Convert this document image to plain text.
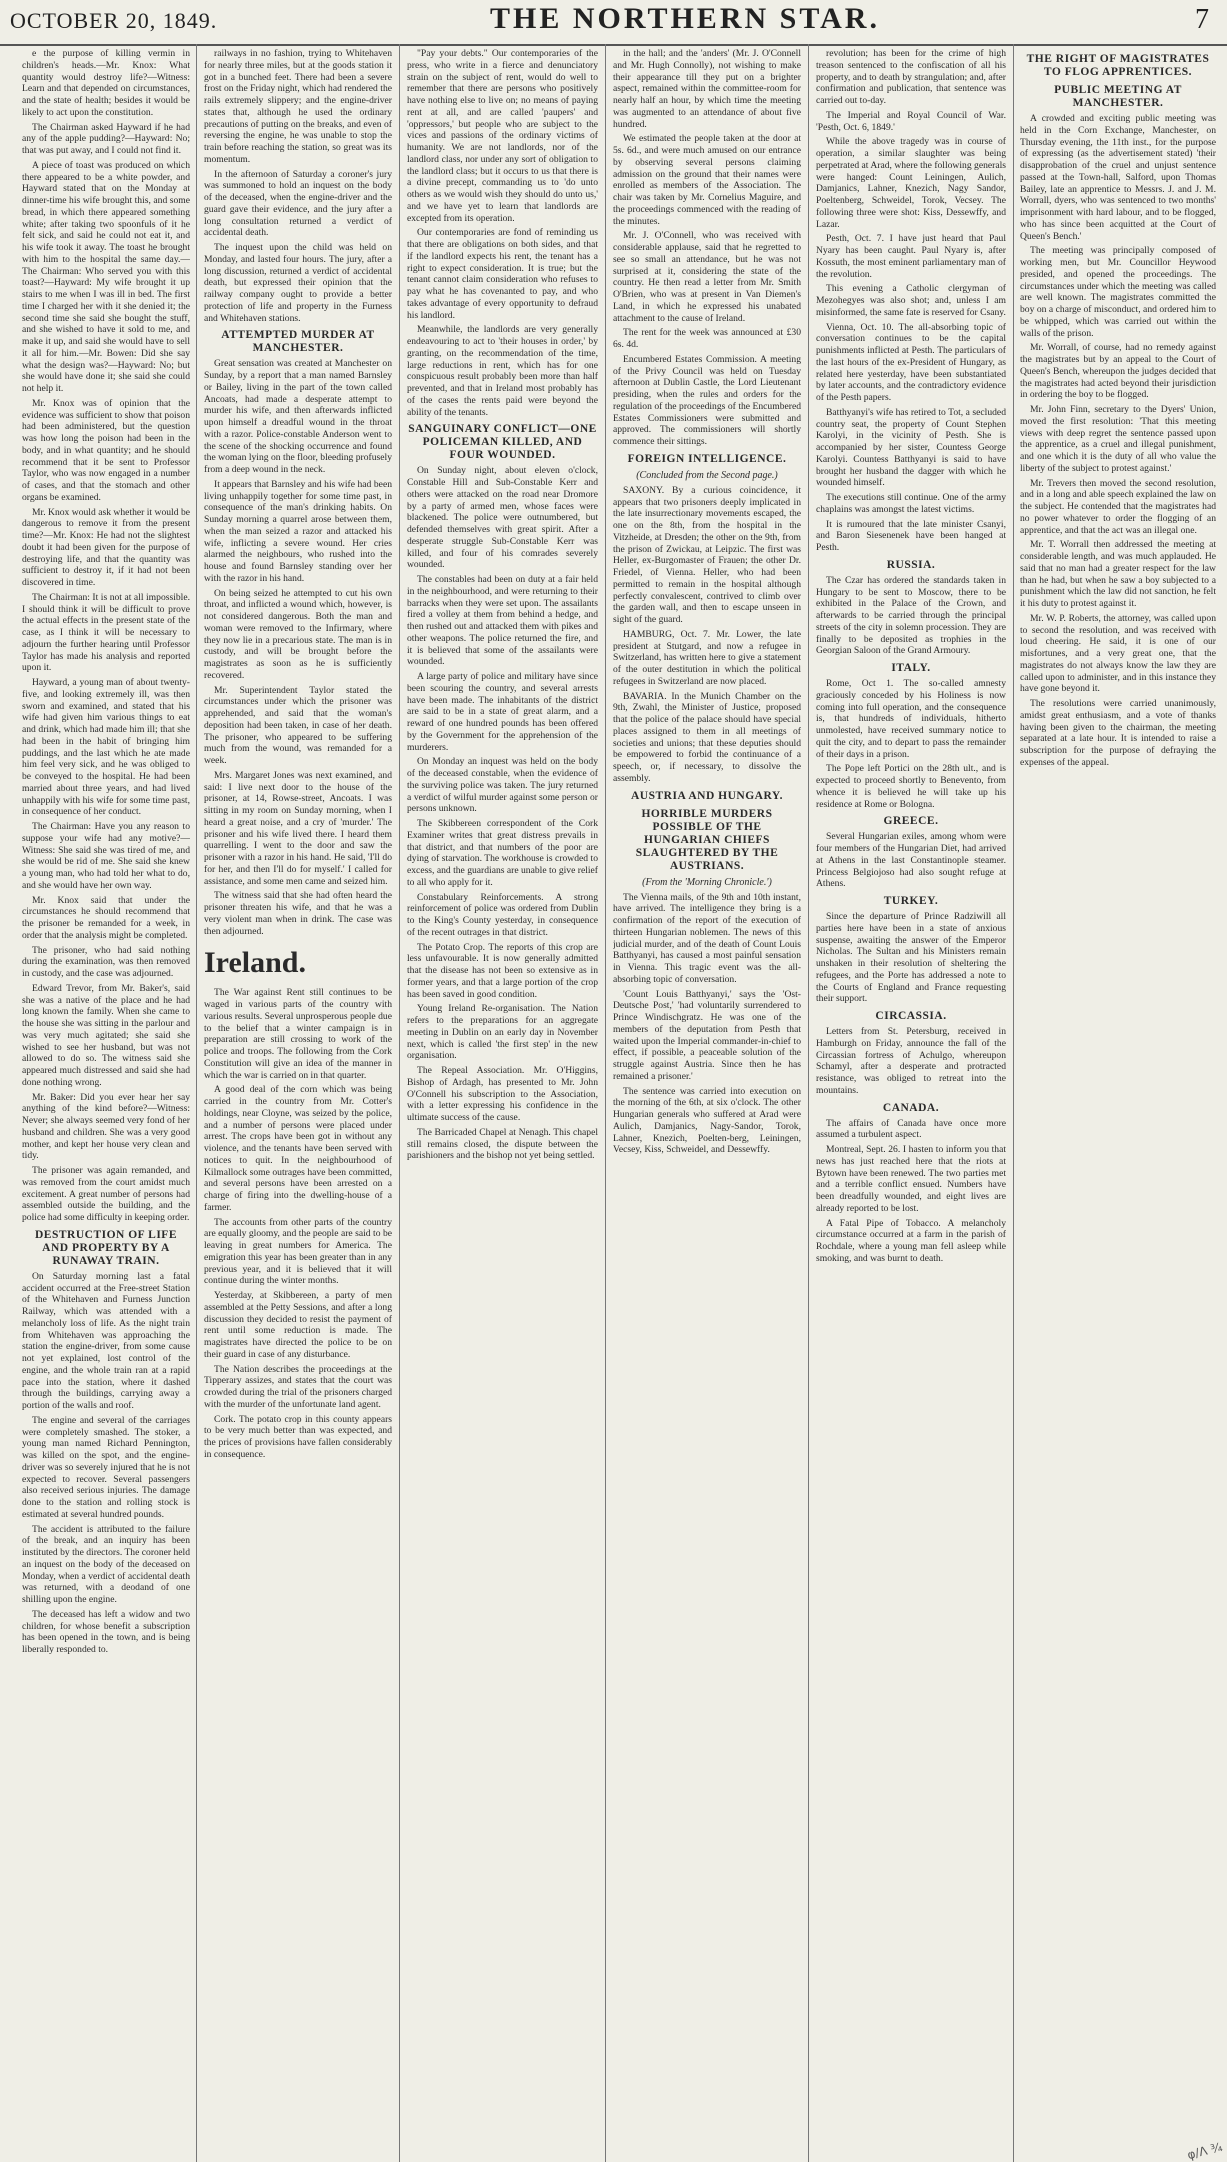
OCTOBER 20, 1849.	THE NORTHERN STAR.	7

e the purpose of killing vermin in children's heads.—Mr. Knox: What quantity would destroy life?—Witness: Learn and that depended on circumstances, and the state of health; besides it would be likely to act upon the constitution.

The Chairman asked Hayward if he had any of the apple pudding?—Hayward: No; that was put away, and I could not find it.

A piece of toast was produced on which there appeared to be a white powder, and Hayward stated that on the Monday at dinner-time his wife brought this, and some bread, in which there appeared something white; after taking two spoonfuls of it he felt sick, and said he could not eat it, and his wife took it away. The toast he brought with him to the hospital the same day.—The Chairman: Who served you with this toast?—Hayward: My wife brought it up stairs to me when I was ill in bed. The first time I charged her with it she denied it; the second time she said she bought the stuff, and she wished to have it sold to me, and make it up, and said she would have to sell it all for him.—Mr. Bowen: Did she say what the design was?—Hayward: No; but she would have done it; she said she could not help it.

Mr. Knox was of opinion that the evidence was sufficient to show that poison had been administered, but the question was how long the poison had been in the body, and in what quantity; and he should recommend that it be sent to Professor Taylor, who was now engaged in a number of cases, and that the stomach and other organs be examined.

Mr. Knox would ask whether it would be dangerous to remove it from the present time?—Mr. Knox: He had not the slightest doubt it had been given for the purpose of destroying life, and that the quantity was sufficient to destroy it, if it had not been discovered in time.

The Chairman: It is not at all impossible. I should think it will be difficult to prove the actual effects in the present state of the case, as I think it will be necessary to adjourn the further hearing until Professor Taylor has made his analysis and reported upon it.

Hayward, a young man of about twenty-five, and looking extremely ill, was then sworn and examined, and stated that his wife had given him various things to eat and drink, which had made him ill; that she had been in the habit of bringing him puddings, and the last which he ate made him feel very sick, and he was obliged to be conveyed to the hospital. He had been married about three years, and had lived unhappily with his wife for some time past, in consequence of her conduct.

The Chairman: Have you any reason to suppose your wife had any motive?—Witness: She said she was tired of me, and she would be rid of me. She said she knew a young man, who had told her what to do, and she would have her own way.

Mr. Knox said that under the circumstances he should recommend that the prisoner be remanded for a week, in order that the analysis might be completed.

The prisoner, who had said nothing during the examination, was then removed in custody, and the case was adjourned.

Edward Trevor, from Mr. Baker's, said she was a native of the place and he had long known the family. When she came to the house she was sitting in the parlour and was very much agitated; she said she wished to see her husband, but was not allowed to do so. The witness said she appeared much distressed and said she had done nothing wrong.

Mr. Baker: Did you ever hear her say anything of the kind before?—Witness: Never; she always seemed very fond of her husband and children. She was a very good mother, and kept her house very clean and tidy.

The prisoner was again remanded, and was removed from the court amidst much excitement. A great number of persons had assembled outside the building, and the police had some difficulty in keeping order.

DESTRUCTION OF LIFE AND PROPERTY BY A RUNAWAY TRAIN.

On Saturday morning last a fatal accident occurred at the Free-street Station of the Whitehaven and Furness Junction Railway, which was attended with a melancholy loss of life. As the night train from Whitehaven was approaching the station the engine-driver, from some cause not yet explained, lost control of the engine, and the whole train ran at a rapid pace into the station, where it dashed through the buildings, carrying away a portion of the walls and roof.

The engine and several of the carriages were completely smashed. The stoker, a young man named Richard Pennington, was killed on the spot, and the engine-driver was so severely injured that he is not expected to recover. Several passengers also received serious injuries. The damage done to the station and rolling stock is estimated at several hundred pounds.

The accident is attributed to the failure of the break, and an inquiry has been instituted by the directors. The coroner held an inquest on the body of the deceased on Monday, when a verdict of accidental death was returned, with a deodand of one shilling upon the engine.

The deceased has left a widow and two children, for whose benefit a subscription has been opened in the town, and is being liberally responded to.

railways in no fashion, trying to Whitehaven for nearly three miles, but at the goods station it got in a bunched feet. There had been a severe frost on the Friday night, which had rendered the rails extremely slippery; and the engine-driver states that, although he used the ordinary precautions of putting on the breaks, and even of reversing the engine, he was unable to stop the train before reaching the station, so great was its momentum.

In the afternoon of Saturday a coroner's jury was summoned to hold an inquest on the body of the deceased, when the engine-driver and the guard gave their evidence, and the jury after a long consultation returned a verdict of accidental death.

The inquest upon the child was held on Monday, and lasted four hours. The jury, after a long discussion, returned a verdict of accidental death, but expressed their opinion that the railway company ought to provide a better protection of life and property in the Furness and Whitehaven stations.

ATTEMPTED MURDER AT MANCHESTER.

Great sensation was created at Manchester on Sunday, by a report that a man named Barnsley or Bailey, living in the part of the town called Ancoats, had made a desperate attempt to murder his wife, and then afterwards inflicted upon himself a dreadful wound in the throat with a razor. Police-constable Anderson went to the scene of the shocking occurrence and found the woman lying on the floor, bleeding profusely from a deep wound in the neck.

It appears that Barnsley and his wife had been living unhappily together for some time past, in consequence of the man's drinking habits. On Sunday morning a quarrel arose between them, when the man seized a razor and attacked his wife, inflicting a severe wound. Her cries alarmed the neighbours, who rushed into the house and found Barnsley standing over her with the razor in his hand.

On being seized he attempted to cut his own throat, and inflicted a wound which, however, is not considered dangerous. Both the man and woman were removed to the Infirmary, where they now lie in a precarious state. The man is in custody, and will be brought before the magistrates as soon as he is sufficiently recovered.

Mr. Superintendent Taylor stated the circumstances under which the prisoner was apprehended, and said that the woman's deposition had been taken, in case of her death. The prisoner, who appeared to be suffering much from the wound, was remanded for a week.

Mrs. Margaret Jones was next examined, and said: I live next door to the house of the prisoner, at 14, Rowse-street, Ancoats. I was sitting in my room on Sunday morning, when I heard a great noise, and a cry of 'murder.' The prisoner and his wife lived there. I heard them quarrelling. I went to the door and saw the prisoner with a razor in his hand. He said, 'I'll do for her, and then I'll do for myself.' I called for assistance, and some men came and seized him.

The witness said that she had often heard the prisoner threaten his wife, and that he was a very violent man when in drink. The case was then adjourned.

Ireland.

The War against Rent still continues to be waged in various parts of the country with various results. Several unprosperous people due to the belief that a winter campaign is in preparation are still crossing to work of the police and troops. The following from the Cork Constitution will give an idea of the manner in which the war is carried on in that quarter.

A good deal of the corn which was being carried in the country from Mr. Cotter's holdings, near Cloyne, was seized by the police, and a number of persons were placed under arrest. The crops have been got in without any violence, and the tenants have been served with notices to quit. In the neighbourhood of Kilmallock some outrages have been committed, and several persons have been arrested on a charge of firing into the dwelling-house of a farmer.

The accounts from other parts of the country are equally gloomy, and the people are said to be leaving in great numbers for America. The emigration this year has been greater than in any previous year, and it is believed that it will continue during the winter months.

Yesterday, at Skibbereen, a party of men assembled at the Petty Sessions, and after a long discussion they decided to resist the payment of rent until some reduction is made. The magistrates have directed the police to be on their guard in case of any disturbance.

The Nation describes the proceedings at the Tipperary assizes, and states that the court was crowded during the trial of the prisoners charged with the murder of the unfortunate land agent.

Cork. The potato crop in this county appears to be very much better than was expected, and the prices of provisions have fallen considerably in consequence.

"Pay your debts." Our contemporaries of the press, who write in a fierce and denunciatory strain on the subject of rent, would do well to remember that there are persons who positively have nothing else to live on; no means of paying rent at all, and are called 'paupers' and 'oppressors,' but people who are subject to the vices and passions of the ordinary victims of humanity. We are not landlords, nor of the landlord class, nor under any sort of obligation to the landlord class; but it occurs to us that there is a divine precept, commanding us to 'do unto others as we would wish they should do unto us,' and we have yet to learn that landlords are excepted from its operation.

Our contemporaries are fond of reminding us that there are obligations on both sides, and that if the landlord expects his rent, the tenant has a right to expect consideration. It is true; but the tenant cannot claim consideration who refuses to pay what he has covenanted to pay, and who takes advantage of every opportunity to defraud his landlord.

Meanwhile, the landlords are very generally endeavouring to act to 'their houses in order,' by granting, on the recommendation of the time, large reductions in rent, which has for one conspicuous result probably been more than half prevented, and that in Ireland most probably has of the cases the rents paid were beyond the ability of the tenants.

SANGUINARY CONFLICT—ONE POLICEMAN KILLED, AND FOUR WOUNDED.

On Sunday night, about eleven o'clock, Constable Hill and Sub-Constable Kerr and others were attacked on the road near Dromore by a party of armed men, whose faces were blackened. The police were outnumbered, but defended themselves with great spirit. After a desperate struggle Sub-Constable Kerr was killed, and four of his comrades severely wounded.

The constables had been on duty at a fair held in the neighbourhood, and were returning to their barracks when they were set upon. The assailants fired a volley at them from behind a hedge, and then rushed out and attacked them with pikes and other weapons. The police returned the fire, and it is believed that some of the assailants were wounded.

A large party of police and military have since been scouring the country, and several arrests have been made. The inhabitants of the district are said to be in a state of great alarm, and a reward of one hundred pounds has been offered by the Government for the apprehension of the murderers.

On Monday an inquest was held on the body of the deceased constable, when the evidence of the surviving police was taken. The jury returned a verdict of wilful murder against some person or persons unknown.

The Skibbereen correspondent of the Cork Examiner writes that great distress prevails in that district, and that numbers of the poor are dying of starvation. The workhouse is crowded to excess, and the guardians are unable to give relief to all who apply for it.

Constabulary Reinforcements. A strong reinforcement of police was ordered from Dublin to the King's County yesterday, in consequence of the recent outrages in that district.

The Potato Crop. The reports of this crop are less unfavourable. It is now generally admitted that the disease has not been so extensive as in former years, and that a large portion of the crop has been saved in good condition.

Young Ireland Re-organisation. The Nation refers to the preparations for an aggregate meeting in Dublin on an early day in November next, which is called 'the first step' in the new organisation.

The Repeal Association. Mr. O'Higgins, Bishop of Ardagh, has presented to Mr. John O'Connell his subscription to the Association, with a letter expressing his confidence in the ultimate success of the cause.

The Barricaded Chapel at Nenagh. This chapel still remains closed, the dispute between the parishioners and the bishop not yet being settled.

in the hall; and the 'anders' (Mr. J. O'Connell and Mr. Hugh Connolly), not wishing to make their appearance till they put on a brighter aspect, remained within the committee-room for nearly half an hour, by which time the meeting was augmented to an attendance of about five hundred.

We estimated the people taken at the door at 5s. 6d., and were much amused on our entrance by observing several persons claiming admission on the ground that their names were enrolled as members of the Association. The chair was taken by Mr. Cornelius Maguire, and the proceedings commenced with the reading of the minutes.

Mr. J. O'Connell, who was received with considerable applause, said that he regretted to see so small an attendance, but he was not surprised at it, considering the state of the country. He then read a letter from Mr. Smith O'Brien, who was at present in Van Diemen's Land, in which he expressed his unabated attachment to the cause of Ireland.

The rent for the week was announced at £30 6s. 4d.

Encumbered Estates Commission. A meeting of the Privy Council was held on Tuesday afternoon at Dublin Castle, the Lord Lieutenant presiding, when the rules and orders for the regulation of the proceedings of the Encumbered Estates Commissioners were submitted and approved. The commissioners will shortly commence their sittings.

FOREIGN INTELLIGENCE.
(Concluded from the Second page.)

SAXONY. By a curious coincidence, it appears that two prisoners deeply implicated in the late insurrectionary movements escaped, the one on the 8th, from the hospital in the Vitzheide, at Dresden; the other on the 9th, from the prison of Zwickau, at Leipzic. The first was Heller, ex-Burgomaster of Frauen; the other Dr. Friedel, of Vienna. Heller, who had been permitted to remain in the hospital although perfectly convalescent, contrived to climb over the garden wall, and then to escape unseen in sight of the guard.

HAMBURG, Oct. 7. Mr. Lower, the late president at Stutgard, and now a refugee in Switzerland, has written here to give a statement of the outer destitution in which the political refugees in Switzerland are now placed.

BAVARIA. In the Munich Chamber on the 9th, Zwahl, the Minister of Justice, proposed that the police of the palace should have special places assigned to them in all meetings of societies and unions; that these deputies should be empowered to forbid the continuance of a speech, or, if necessary, to dissolve the assembly.

AUSTRIA AND HUNGARY.
HORRIBLE MURDERS POSSIBLE OF THE HUNGARIAN CHIEFS SLAUGHTERED BY THE AUSTRIANS.
(From the 'Morning Chronicle.')

The Vienna mails, of the 9th and 10th instant, have arrived. The intelligence they bring is a confirmation of the report of the execution of thirteen Hungarian noblemen. The news of this judicial murder, and of the death of Count Louis Batthyanyi, has caused a most painful sensation in Vienna. This tragic event was the all-absorbing topic of conversation.

'Count Louis Batthyanyi,' says the 'Ost-Deutsche Post,' 'had voluntarily surrendered to Prince Windischgratz. He was one of the members of the deputation from Pesth that waited upon the Imperial commander-in-chief to effect, if possible, a peaceable solution of the struggle against Austria. Since then he has remained a prisoner.'

The sentence was carried into execution on the morning of the 6th, at six o'clock. The other Hungarian generals who suffered at Arad were Aulich, Damjanics, Nagy-Sandor, Torok, Lahner, Knezich, Poelten-berg, Leiningen, Vecsey, Kiss, Schweidel, and Dessewffy.

revolution; has been for the crime of high treason sentenced to the confiscation of all his property, and to death by strangulation; and, after confirmation and publication, that sentence was carried out to-day.

The Imperial and Royal Council of War. 'Pesth, Oct. 6, 1849.'

While the above tragedy was in course of operation, a similar slaughter was being perpetrated at Arad, where the following generals were hanged: Count Leiningen, Aulich, Damjanics, Lahner, Knezich, Nagy Sandor, Poeltenberg, Schweidel, Torok, Vecsey. The following three were shot: Kiss, Dessewffy, and Lazar.

Pesth, Oct. 7. I have just heard that Paul Nyary has been caught. Paul Nyary is, after Kossuth, the most eminent parliamentary man of the revolution.

This evening a Catholic clergyman of Mezohegyes was also shot; and, unless I am misinformed, the same fate is reserved for Csany.

Vienna, Oct. 10. The all-absorbing topic of conversation continues to be the capital punishments inflicted at Pesth. The particulars of the last hours of the ex-President of Hungary, as related here yesterday, have been substantiated by later accounts, and the contradictory evidence of the Pesth papers.

Batthyanyi's wife has retired to Tot, a secluded country seat, the property of Count Stephen Karolyi, in the vicinity of Pesth. She is accompanied by her sister, Countess George Karolyi. Countess Batthyanyi is said to have brought her husband the dagger with which he wounded himself.

The executions still continue. One of the army chaplains was amongst the latest victims.

It is rumoured that the late minister Csanyi, and Baron Siesenenek have been hanged at Pesth.

RUSSIA.

The Czar has ordered the standards taken in Hungary to be sent to Moscow, there to be exhibited in the Palace of the Crown, and afterwards to be carried through the principal streets of the city in solemn procession. They are finally to be deposited as trophies in the Georgian Saloon of the Grand Armoury.

ITALY.

Rome, Oct 1. The so-called amnesty graciously conceded by his Holiness is now coming into full operation, and the consequence is, that hundreds of individuals, hitherto unmolested, have received summary notice to quit the city, and to depart to pass the remainder of their days in a prison.

The Pope left Portici on the 28th ult., and is expected to proceed shortly to Benevento, from whence it is believed he will take up his residence at Rome or Bologna.

GREECE.

Several Hungarian exiles, among whom were four members of the Hungarian Diet, had arrived at Athens in the last Constantinople steamer. Princess Belgiojoso had also sought refuge at Athens.

TURKEY.

Since the departure of Prince Radziwill all parties here have been in a state of anxious suspense, awaiting the answer of the Emperor Nicholas. The Sultan and his Ministers remain unshaken in their resolution of sheltering the refugees, and the Porte has addressed a note to the Courts of England and France requesting their support.

CIRCASSIA.

Letters from St. Petersburg, received in Hamburgh on Friday, announce the fall of the Circassian fortress of Achulgo, whereupon Schamyl, after a desperate and protracted resistance, was obliged to retreat into the mountains.

CANADA.

The affairs of Canada have once more assumed a turbulent aspect.

Montreal, Sept. 26. I hasten to inform you that news has just reached here that the riots at Bytown have been renewed. The two parties met and a terrible conflict ensued. Numbers have been dreadfully wounded, and eight lives are already reported to be lost.

A Fatal Pipe of Tobacco. A melancholy circumstance occurred at a farm in the parish of Rochdale, where a young man fell asleep while smoking, and was burnt to death.

THE RIGHT OF MAGISTRATES TO FLOG APPRENTICES.
PUBLIC MEETING AT MANCHESTER.

A crowded and exciting public meeting was held in the Corn Exchange, Manchester, on Thursday evening, the 11th inst., for the purpose of expressing (as the advertisement stated) 'their disapprobation of the cruel and unjust sentence passed at the Town-hall, Salford, upon Thomas Bailey, late an apprentice to Messrs. J. and J. M. Worrall, dyers, who was sentenced to two months' imprisonment with hard labour, and to be flogged, who has since been acquitted at the Court of Queen's Bench.'

The meeting was principally composed of working men, but Mr. Councillor Heywood presided, and opened the proceedings. The circumstances under which the meeting was called are well known. The magistrates committed the boy on a charge of misconduct, and ordered him to be whipped, which was carried out within the walls of the prison.

Mr. Worrall, of course, had no remedy against the magistrates but by an appeal to the Court of Queen's Bench, whereupon the judges decided that the magistrates had acted beyond their jurisdiction in ordering the boy to be flogged.

Mr. John Finn, secretary to the Dyers' Union, moved the first resolution: 'That this meeting views with deep regret the sentence passed upon the apprentice, as a cruel and illegal punishment, and one which it is the duty of all who value the liberty of the subject to protest against.'

Mr. Trevers then moved the second resolution, and in a long and able speech explained the law on the subject. He contended that the magistrates had no power whatever to order the flogging of an apprentice, and that the act was an illegal one.

Mr. T. Worrall then addressed the meeting at considerable length, and was much applauded. He said that no man had a greater respect for the law than he had, but when he saw a boy subjected to a punishment which the law did not sanction, he felt it his duty to protest against it.

Mr. W. P. Roberts, the attorney, was called upon to second the resolution, and was received with loud cheering. He said, it is one of our misfortunes, and a very great one, that the magistrates do not always know the law they are called upon to administer, and in this instance they have gone beyond it.

The resolutions were carried unanimously, amidst great enthusiasm, and a vote of thanks having been given to the chairman, the meeting separated at a late hour. It is intended to raise a subscription for the purpose of defraying the expenses of the appeal.

φ/Λ ³⁄₄
